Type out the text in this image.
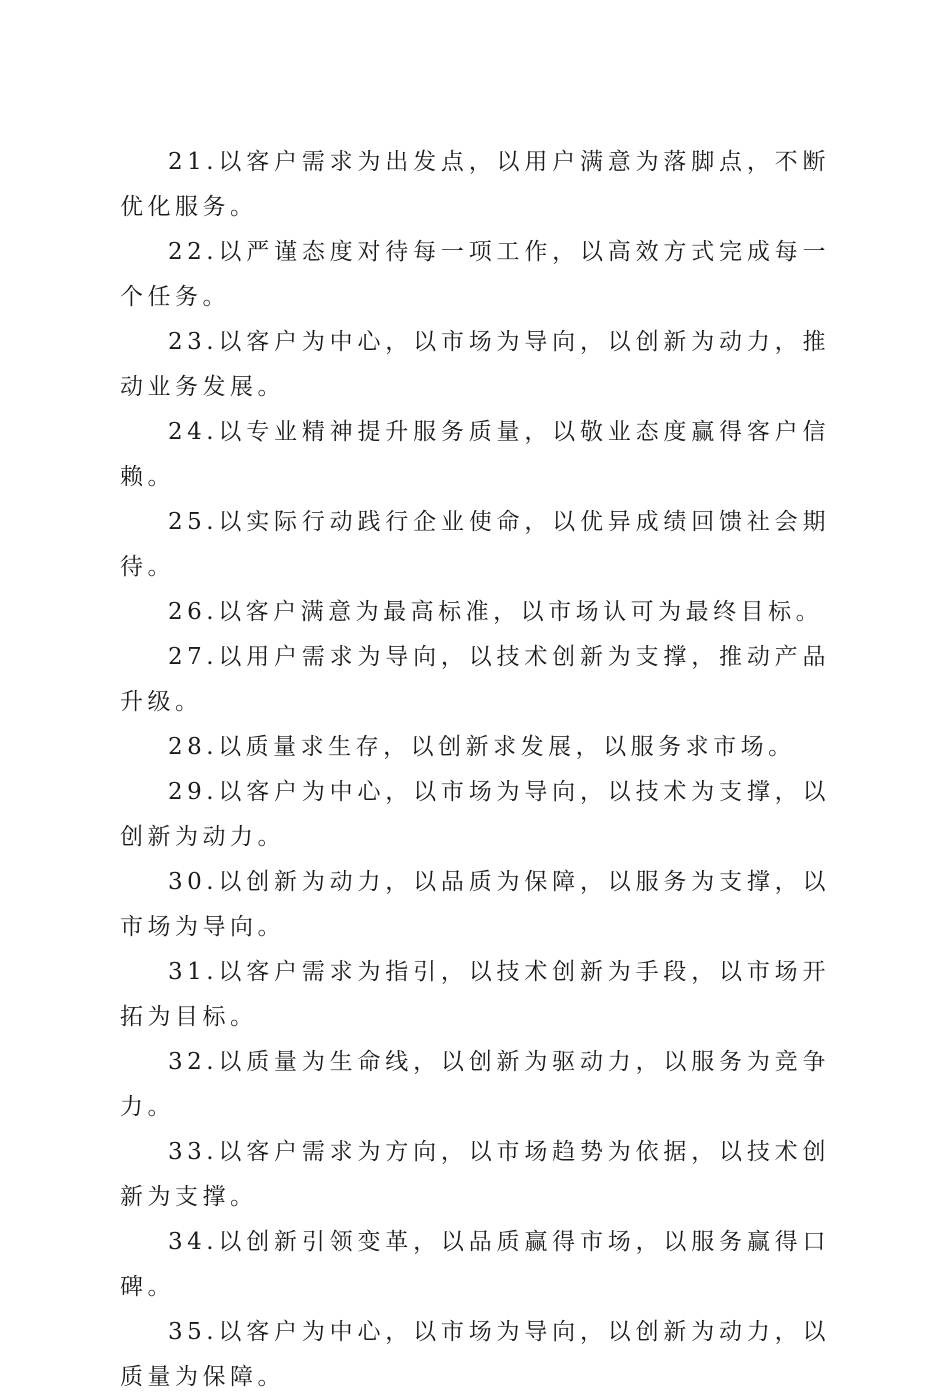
21.以客户需求为出发点，以用户满意为落脚点，不断优化服务。

22.以严谨态度对待每一项工作，以高效方式完成每一个任务。

23.以客户为中心，以市场为导向，以创新为动力，推动业务发展。

24.以专业精神提升服务质量，以敬业态度赢得客户信赖。

25.以实际行动践行企业使命，以优异成绩回馈社会期待。

26.以客户满意为最高标准，以市场认可为最终目标。

27.以用户需求为导向，以技术创新为支撑，推动产品升级。

28.以质量求生存，以创新求发展，以服务求市场。

29.以客户为中心，以市场为导向，以技术为支撑，以创新为动力。

30.以创新为动力，以品质为保障，以服务为支撑，以市场为导向。

31.以客户需求为指引，以技术创新为手段，以市场开拓为目标。

32.以质量为生命线，以创新为驱动力，以服务为竞争力。

33.以客户需求为方向，以市场趋势为依据，以技术创新为支撑。

34.以创新引领变革，以品质赢得市场，以服务赢得口碑。

35.以客户为中心，以市场为导向，以创新为动力，以质量为保障。
